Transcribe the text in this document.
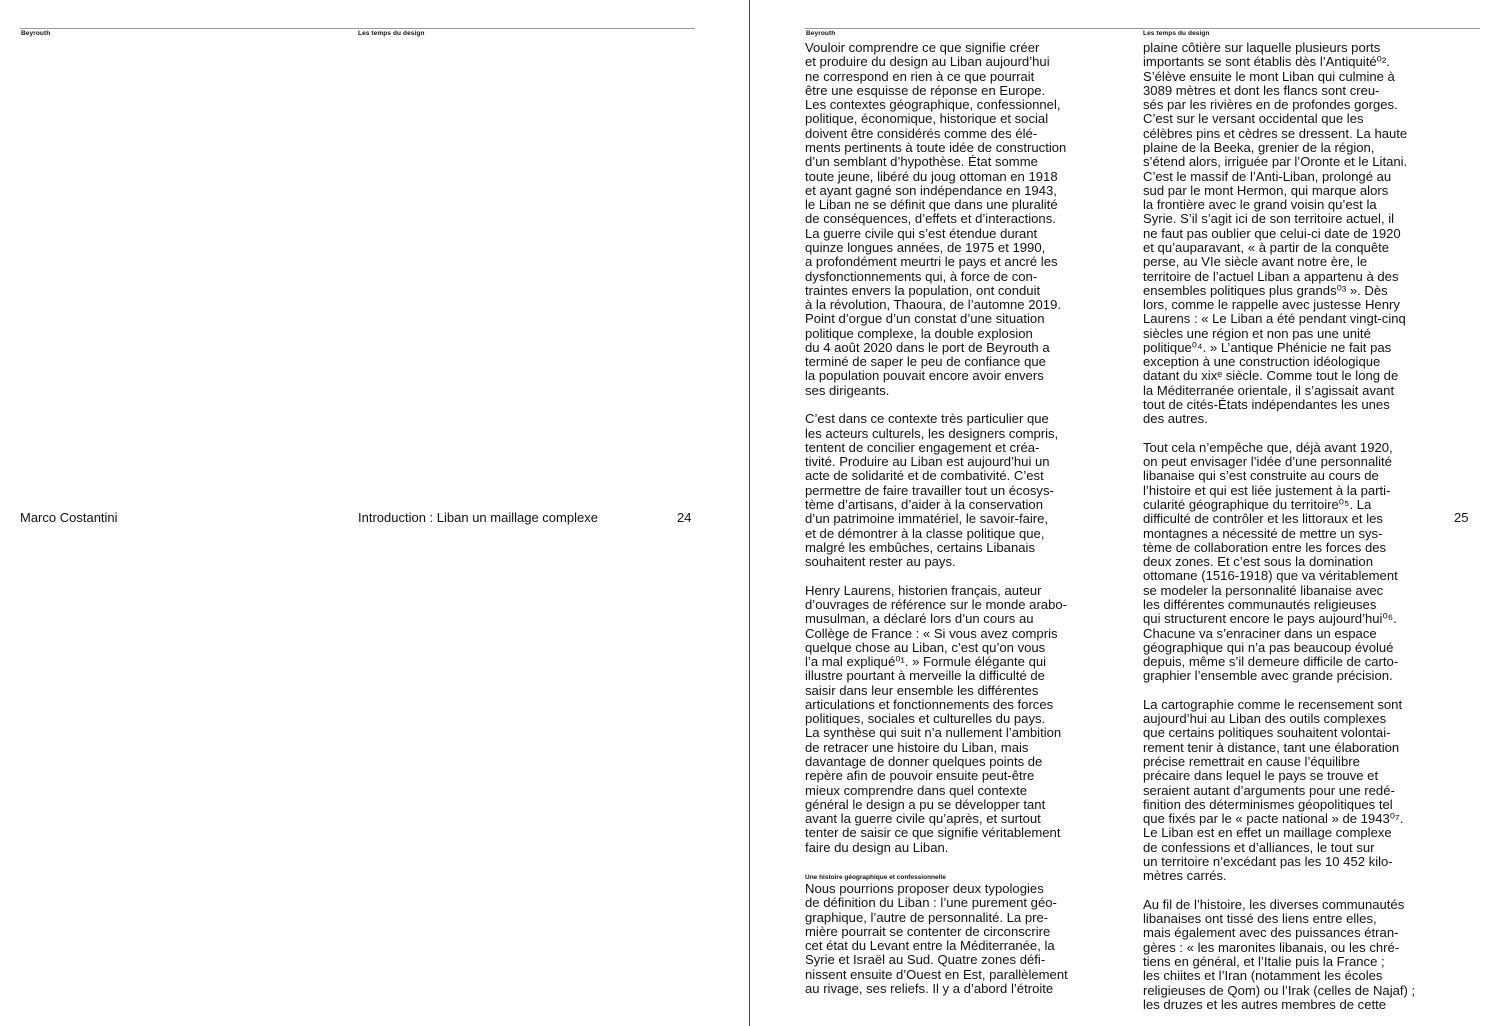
Beyrouth	Les temps du design
Marco Costantini	Introduction : Liban un maillage complexe	24
Beyrouth	Les temps du design
25

Vouloir comprendre ce que signifie créer
et produire du design au Liban aujourd’hui
ne correspond en rien à ce que pourrait
être une esquisse de réponse en Europe.
Les contextes géographique, confessionnel,
politique, économique, historique et social
doivent être considérés comme des élé-
ments pertinents à toute idée de construction
d’un semblant d’hypothèse. État somme
toute jeune, libéré du joug ottoman en 1918
et ayant gagné son indépendance en 1943,
le Liban ne se définit que dans une pluralité
de conséquences, d’effets et d’interactions.
La guerre civile qui s’est étendue durant
quinze longues années, de 1975 et 1990,
a profondément meurtri le pays et ancré les
dysfonctionnements qui, à force de con-
traintes envers la population, ont conduit
à la révolution, Thaoura, de l’automne 2019.
Point d’orgue d’un constat d’une situation
politique complexe, la double explosion
du 4 août 2020 dans le port de Beyrouth a
terminé de saper le peu de confiance que
la population pouvait encore avoir envers
ses dirigeants.

C’est dans ce contexte très particulier que
les acteurs culturels, les designers compris,
tentent de concilier engagement et créa-
tivité. Produire au Liban est aujourd’hui un
acte de solidarité et de combativité. C’est
permettre de faire travailler tout un écosys-
tème d’artisans, d’aider à la conservation
d’un patrimoine immatériel, le savoir-faire,
et de démontrer à la classe politique que,
malgré les embûches, certains Libanais
souhaitent rester au pays.

Henry Laurens, historien français, auteur
d’ouvrages de référence sur le monde arabo-
musulman, a déclaré lors d’un cours au
Collège de France : « Si vous avez compris
quelque chose au Liban, c’est qu’on vous
l’a mal expliqué⁰¹. » Formule élégante qui
illustre pourtant à merveille la difficulté de
saisir dans leur ensemble les différentes
articulations et fonctionnements des forces
politiques, sociales et culturelles du pays.
La synthèse qui suit n’a nullement l’ambition
de retracer une histoire du Liban, mais
davantage de donner quelques points de
repère afin de pouvoir ensuite peut-être
mieux comprendre dans quel contexte
général le design a pu se développer tant
avant la guerre civile qu’après, et surtout
tenter de saisir ce que signifie véritablement
faire du design au Liban.

Une histoire géographique et confessionnelle

Nous pourrions proposer deux typologies
de définition du Liban : l’une purement géo-
graphique, l’autre de personnalité. La pre-
mière pourrait se contenter de circonscrire
cet état du Levant entre la Méditerranée, la
Syrie et Israël au Sud. Quatre zones défi-
nissent ensuite d’Ouest en Est, parallèlement
au rivage, ses reliefs. Il y a d’abord l’étroite

plaine côtière sur laquelle plusieurs ports
importants se sont établis dès l’Antiquité⁰².
S’élève ensuite le mont Liban qui culmine à
3089 mètres et dont les flancs sont creu-
sés par les rivières en de profondes gorges.
C’est sur le versant occidental que les
célèbres pins et cèdres se dressent. La haute
plaine de la Beeka, grenier de la région,
s’étend alors, irriguée par l’Oronte et le Litani.
C’est le massif de l’Anti-Liban, prolongé au
sud par le mont Hermon, qui marque alors
la frontière avec le grand voisin qu’est la
Syrie. S’il s’agit ici de son territoire actuel, il
ne faut pas oublier que celui-ci date de 1920
et qu’auparavant, « à partir de la conquête
perse, au VIe siècle avant notre ère, le
territoire de l’actuel Liban a appartenu à des
ensembles politiques plus grands⁰³ ». Dès
lors, comme le rappelle avec justesse Henry
Laurens : « Le Liban a été pendant vingt-cinq
siècles une région et non pas une unité
politique⁰⁴. » L’antique Phénicie ne fait pas
exception à une construction idéologique
datant du xixᵉ siècle. Comme tout le long de
la Méditerranée orientale, il s’agissait avant
tout de cités-États indépendantes les unes
des autres.

Tout cela n’empêche que, déjà avant 1920,
on peut envisager l’idée d’une personnalité
libanaise qui s’est construite au cours de
l’histoire et qui est liée justement à la parti-
cularité géographique du territoire⁰⁵. La
difficulté de contrôler et les littoraux et les
montagnes a nécessité de mettre un sys-
tème de collaboration entre les forces des
deux zones. Et c’est sous la domination
ottomane (1516-1918) que va véritablement
se modeler la personnalité libanaise avec
les différentes communautés religieuses
qui structurent encore le pays aujourd’hui⁰⁶.
Chacune va s’enraciner dans un espace
géographique qui n’a pas beaucoup évolué
depuis, même s’il demeure difficile de carto-
graphier l’ensemble avec grande précision.

La cartographie comme le recensement sont
aujourd’hui au Liban des outils complexes
que certains politiques souhaitent volontai-
rement tenir à distance, tant une élaboration
précise remettrait en cause l’équilibre
précaire dans lequel le pays se trouve et
seraient autant d’arguments pour une redé-
finition des déterminismes géopolitiques tel
que fixés par le « pacte national » de 1943⁰⁷.
Le Liban est en effet un maillage complexe
de confessions et d’alliances, le tout sur
un territoire n’excédant pas les 10 452 kilo-
mètres carrés.

Au fil de l’histoire, les diverses communautés
libanaises ont tissé des liens entre elles,
mais également avec des puissances étran-
gères : « les maronites libanais, ou les chré-
tiens en général, et l’Italie puis la France ;
les chiites et l’Iran (notamment les écoles
religieuses de Qom) ou l’Irak (celles de Najaf) ;
les druzes et les autres membres de cette
